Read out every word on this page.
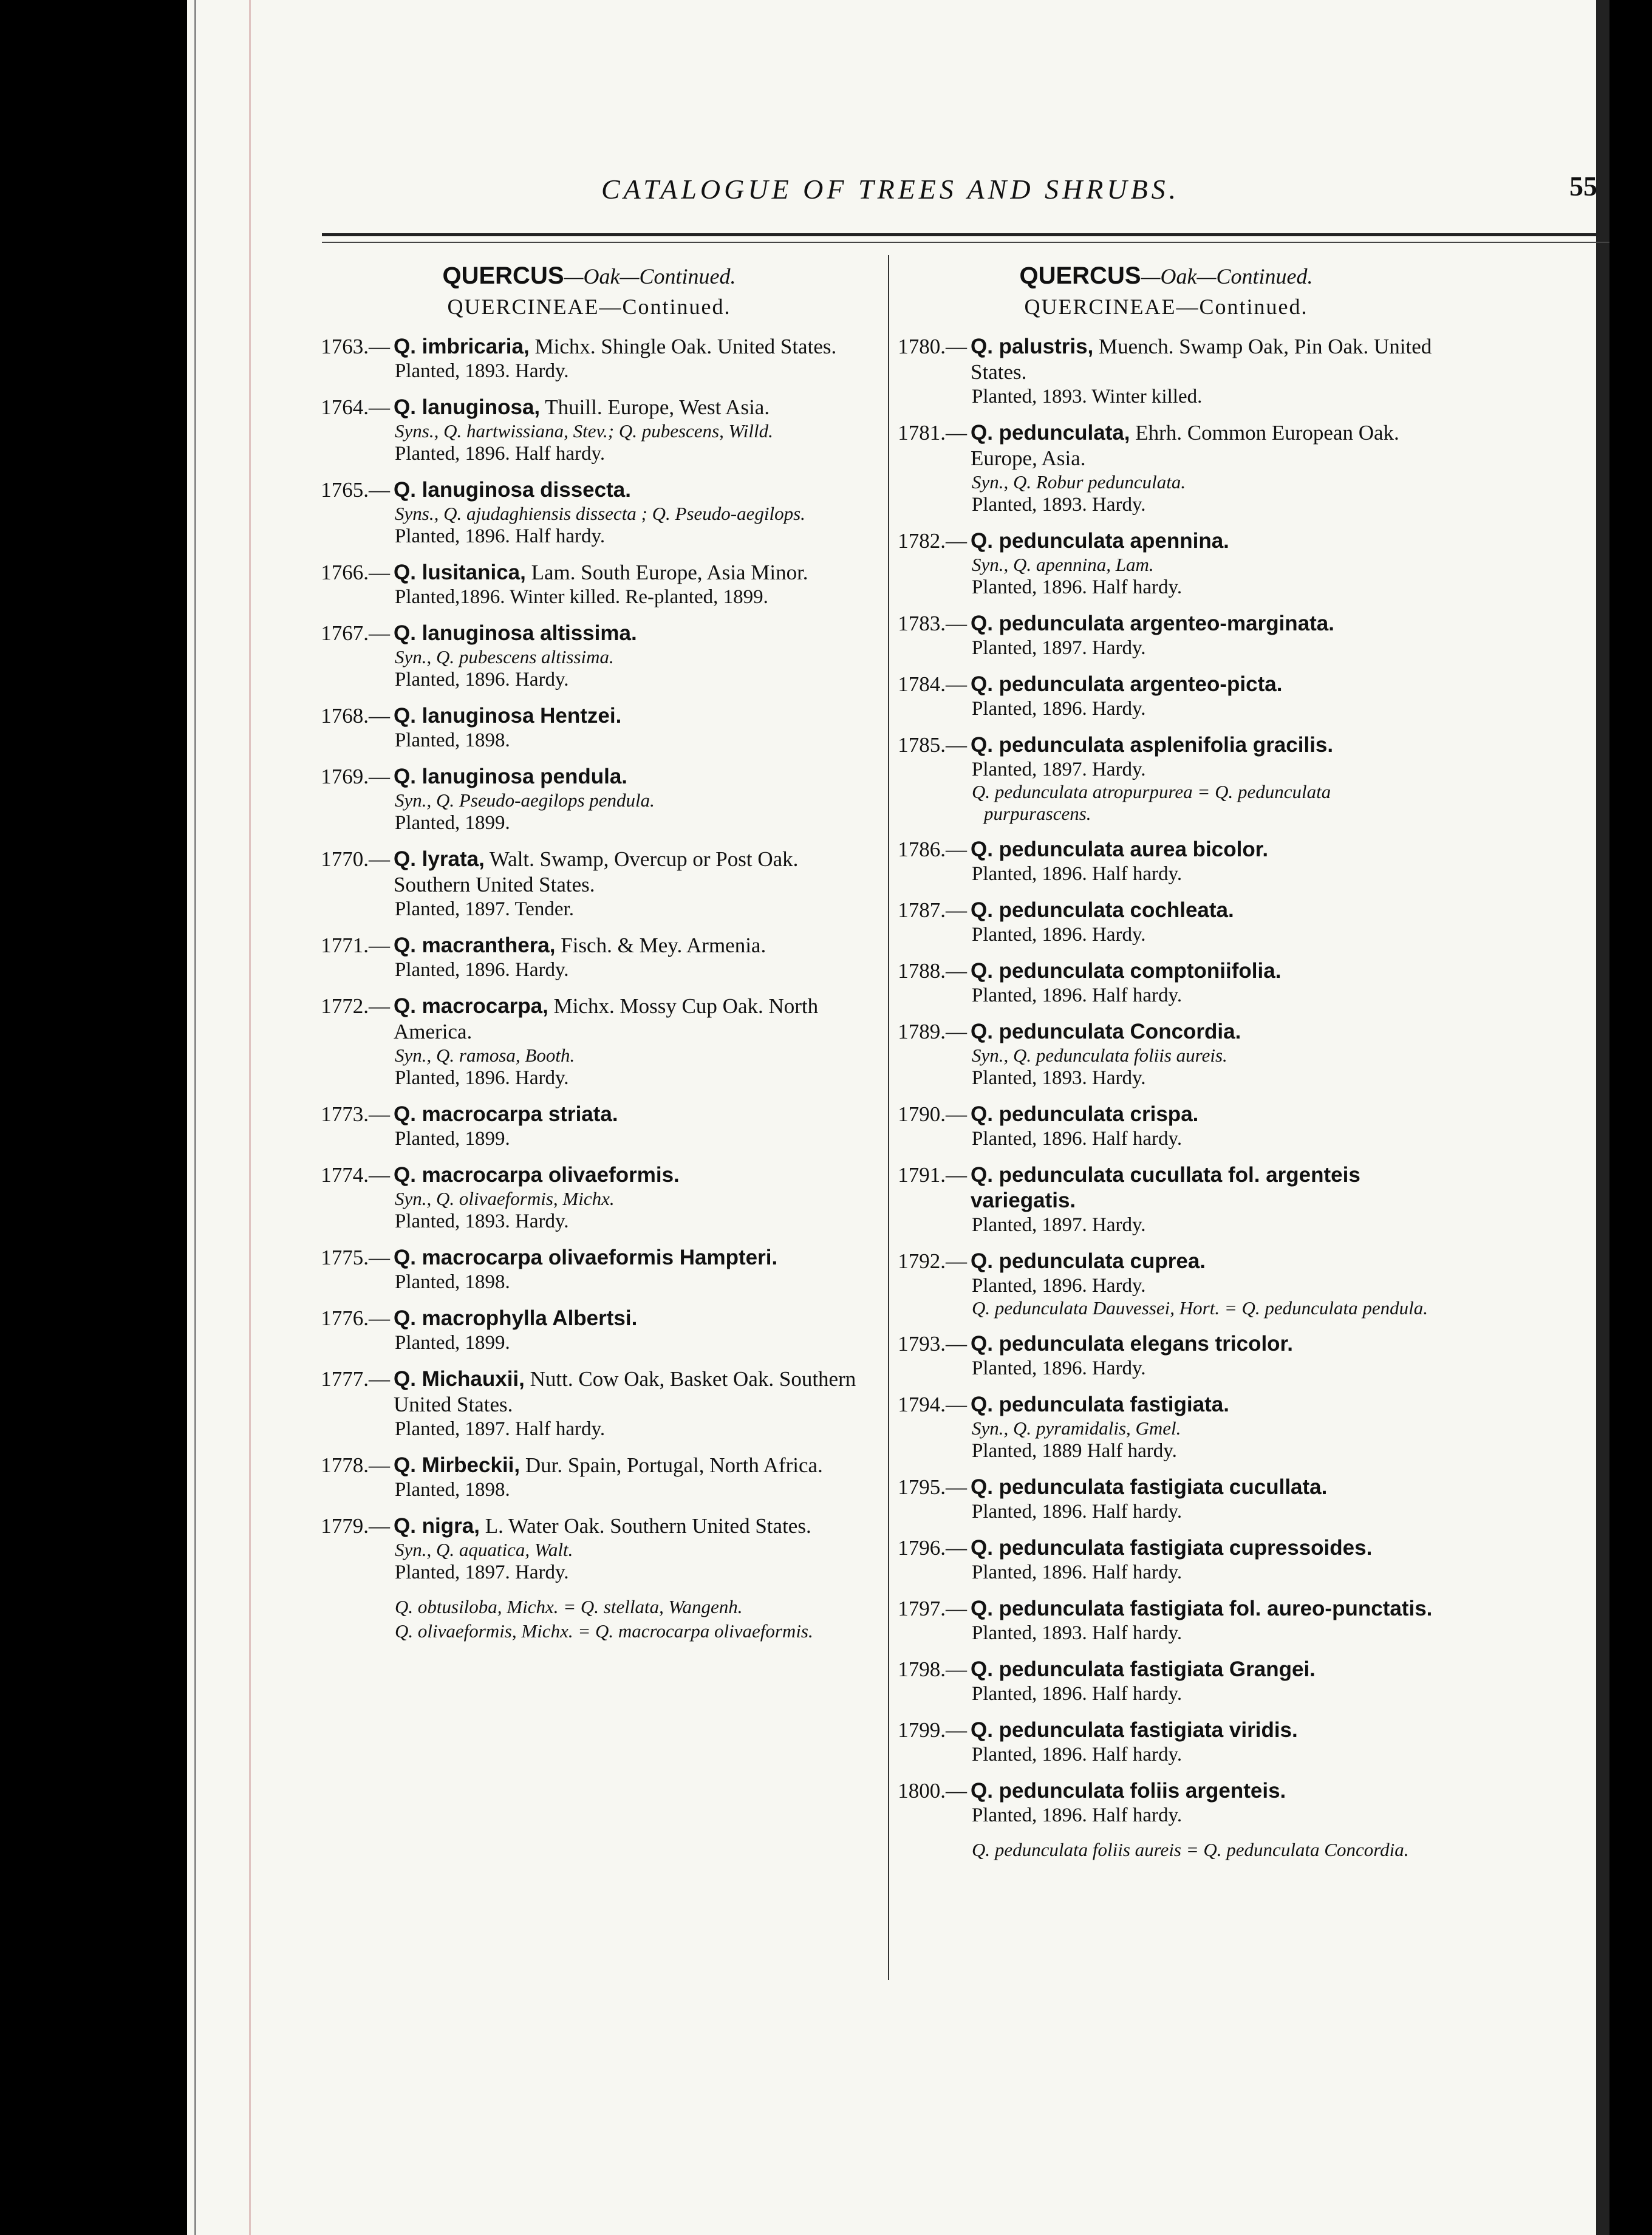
CATALOGUE OF TREES AND SHRUBS.	55
QUERCUS—Oak—Continued.
QUERCINEAE—Continued.
1763.— Q. imbricaria, Michx. Shingle Oak. United States.
Planted, 1893. Hardy.
1764.— Q. lanuginosa, Thuill. Europe, West Asia.
Syns., Q. hartwissiana, Stev.; Q. pubescens, Willd.
Planted, 1896. Half hardy.
1765.— Q. lanuginosa dissecta.
Syns., Q. ajudaghiensis dissecta ; Q. Pseudo-aegilops.
Planted, 1896. Half hardy.
1766.— Q. lusitanica, Lam. South Europe, Asia Minor.
Planted,1896. Winter killed. Re-planted, 1899.
1767.— Q. lanuginosa altissima.
Syn., Q. pubescens altissima.
Planted, 1896. Hardy.
1768.— Q. lanuginosa Hentzei.
Planted, 1898.
1769.— Q. lanuginosa pendula.
Syn., Q. Pseudo-aegilops pendula.
Planted, 1899.
1770.— Q. lyrata, Walt. Swamp, Overcup or Post Oak. Southern United States.
Planted, 1897. Tender.
1771.— Q. macranthera, Fisch. & Mey. Armenia.
Planted, 1896. Hardy.
1772.— Q. macrocarpa, Michx. Mossy Cup Oak. North America.
Syn., Q. ramosa, Booth.
Planted, 1896. Hardy.
1773.— Q. macrocarpa striata.
Planted, 1899.
1774.— Q. macrocarpa olivaeformis.
Syn., Q. olivaeformis, Michx.
Planted, 1893. Hardy.
1775.— Q. macrocarpa olivaeformis Hampteri.
Planted, 1898.
1776.— Q. macrophylla Albertsi.
Planted, 1899.
1777.— Q. Michauxii, Nutt. Cow Oak, Basket Oak. Southern United States.
Planted, 1897. Half hardy.
1778.— Q. Mirbeckii, Dur. Spain, Portugal, North Africa.
Planted, 1898.
1779.— Q. nigra, L. Water Oak. Southern United States.
Syn., Q. aquatica, Walt.
Planted, 1897. Hardy.
Q. obtusiloba, Michx. = Q. stellata, Wangenh.
Q. olivaeformis, Michx. = Q. macrocarpa olivaeformis.
QUERCUS—Oak—Continued.
QUERCINEAE—Continued.
1780.— Q. palustris, Muench. Swamp Oak, Pin Oak. United States.
Planted, 1893. Winter killed.
1781.— Q. pedunculata, Ehrh. Common European Oak. Europe, Asia.
Syn., Q. Robur pedunculata.
Planted, 1893. Hardy.
1782.— Q. pedunculata apennina.
Syn., Q. apennina, Lam.
Planted, 1896. Half hardy.
1783.— Q. pedunculata argenteo-marginata.
Planted, 1897. Hardy.
1784.— Q. pedunculata argenteo-picta.
Planted, 1896. Hardy.
1785.— Q. pedunculata asplenifolia gracilis.
Planted, 1897. Hardy.
Q. pedunculata atropurpurea = Q. pedunculata purpurascens.
1786.— Q. pedunculata aurea bicolor.
Planted, 1896. Half hardy.
1787.— Q. pedunculata cochleata.
Planted, 1896. Hardy.
1788.— Q. pedunculata comptoniifolia.
Planted, 1896. Half hardy.
1789.— Q. pedunculata Concordia.
Syn., Q. pedunculata foliis aureis.
Planted, 1893. Hardy.
1790.— Q. pedunculata crispa.
Planted, 1896. Half hardy.
1791.— Q. pedunculata cucullata fol. argenteis variegatis.
Planted, 1897. Hardy.
1792.— Q. pedunculata cuprea.
Planted, 1896. Hardy.
Q. pedunculata Dauvessei, Hort. = Q. pedunculata pendula.
1793.— Q. pedunculata elegans tricolor.
Planted, 1896. Hardy.
1794.— Q. pedunculata fastigiata.
Syn., Q. pyramidalis, Gmel.
Planted, 1889 Half hardy.
1795.— Q. pedunculata fastigiata cucullata.
Planted, 1896. Half hardy.
1796.— Q. pedunculata fastigiata cupressoides.
Planted, 1896. Half hardy.
1797.— Q. pedunculata fastigiata fol. aureo-punctatis.
Planted, 1893. Half hardy.
1798.— Q. pedunculata fastigiata Grangei.
Planted, 1896. Half hardy.
1799.— Q. pedunculata fastigiata viridis.
Planted, 1896. Half hardy.
1800.— Q. pedunculata foliis argenteis.
Planted, 1896. Half hardy.
Q. pedunculata foliis aureis = Q. pedunculata Concordia.
